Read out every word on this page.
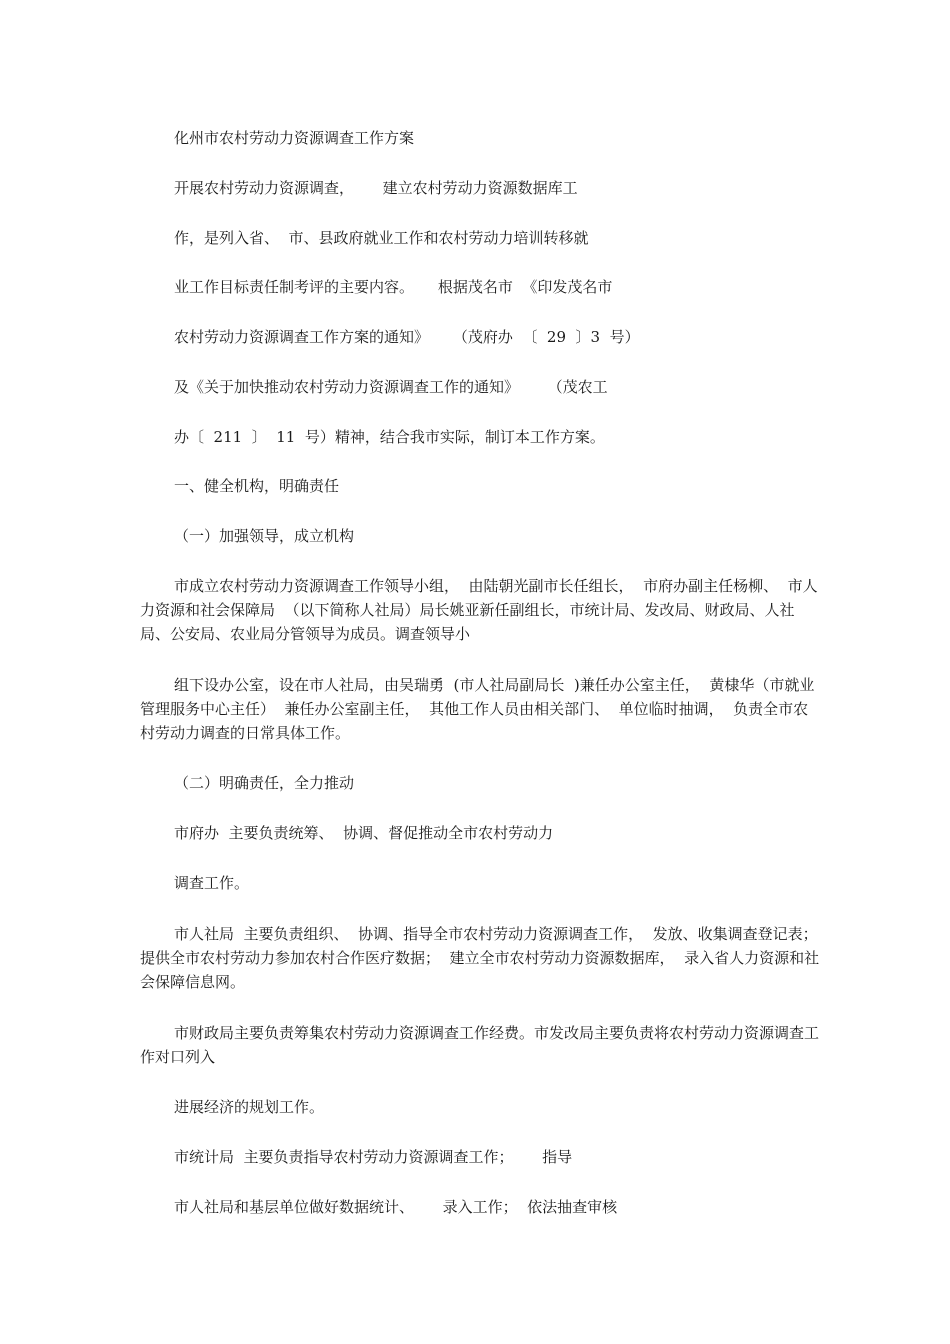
化州市农村劳动力资源调查工作方案
开展农村劳动力资源调查，      建立农村劳动力资源数据库工
作，是列入省、  市、县政府就业工作和农村劳动力培训转移就
业工作目标责任制考评的主要内容。     根据茂名市  《印发茂名市
农村劳动力资源调查工作方案的通知》     （茂府办  〔  29  〕3  号）
及《关于加快推动农村劳动力资源调查工作的通知》      （茂农工
办〔  211  〕  11  号）精神，结合我市实际，制订本工作方案。
一、健全机构，明确责任
（一）加强领导，成立机构
市成立农村劳动力资源调查工作领导小组，  由陆朝光副市长任组长，  市府办副主任杨柳、  市人力资源和社会保障局  （以下简称人社局）局长姚亚新任副组长，市统计局、发改局、财政局、人社局、公安局、农业局分管领导为成员。调查领导小
组下设办公室，设在市人社局，由吴瑞勇  (市人社局副局长  )兼任办公室主任，  黄棣华（市就业管理服务中心主任）  兼任办公室副主任，  其他工作人员由相关部门、  单位临时抽调，  负责全市农村劳动力调查的日常具体工作。
（二）明确责任，全力推动
市府办  主要负责统筹、  协调、督促推动全市农村劳动力
调查工作。
市人社局  主要负责组织、  协调、指导全市农村劳动力资源调查工作，  发放、收集调查登记表；  提供全市农村劳动力参加农村合作医疗数据；  建立全市农村劳动力资源数据库，  录入省人力资源和社会保障信息网。
市财政局主要负责筹集农村劳动力资源调查工作经费。市发改局主要负责将农村劳动力资源调查工作对口列入
进展经济的规划工作。
市统计局  主要负责指导农村劳动力资源调查工作；      指导
市人社局和基层单位做好数据统计、      录入工作；  依法抽查审核
